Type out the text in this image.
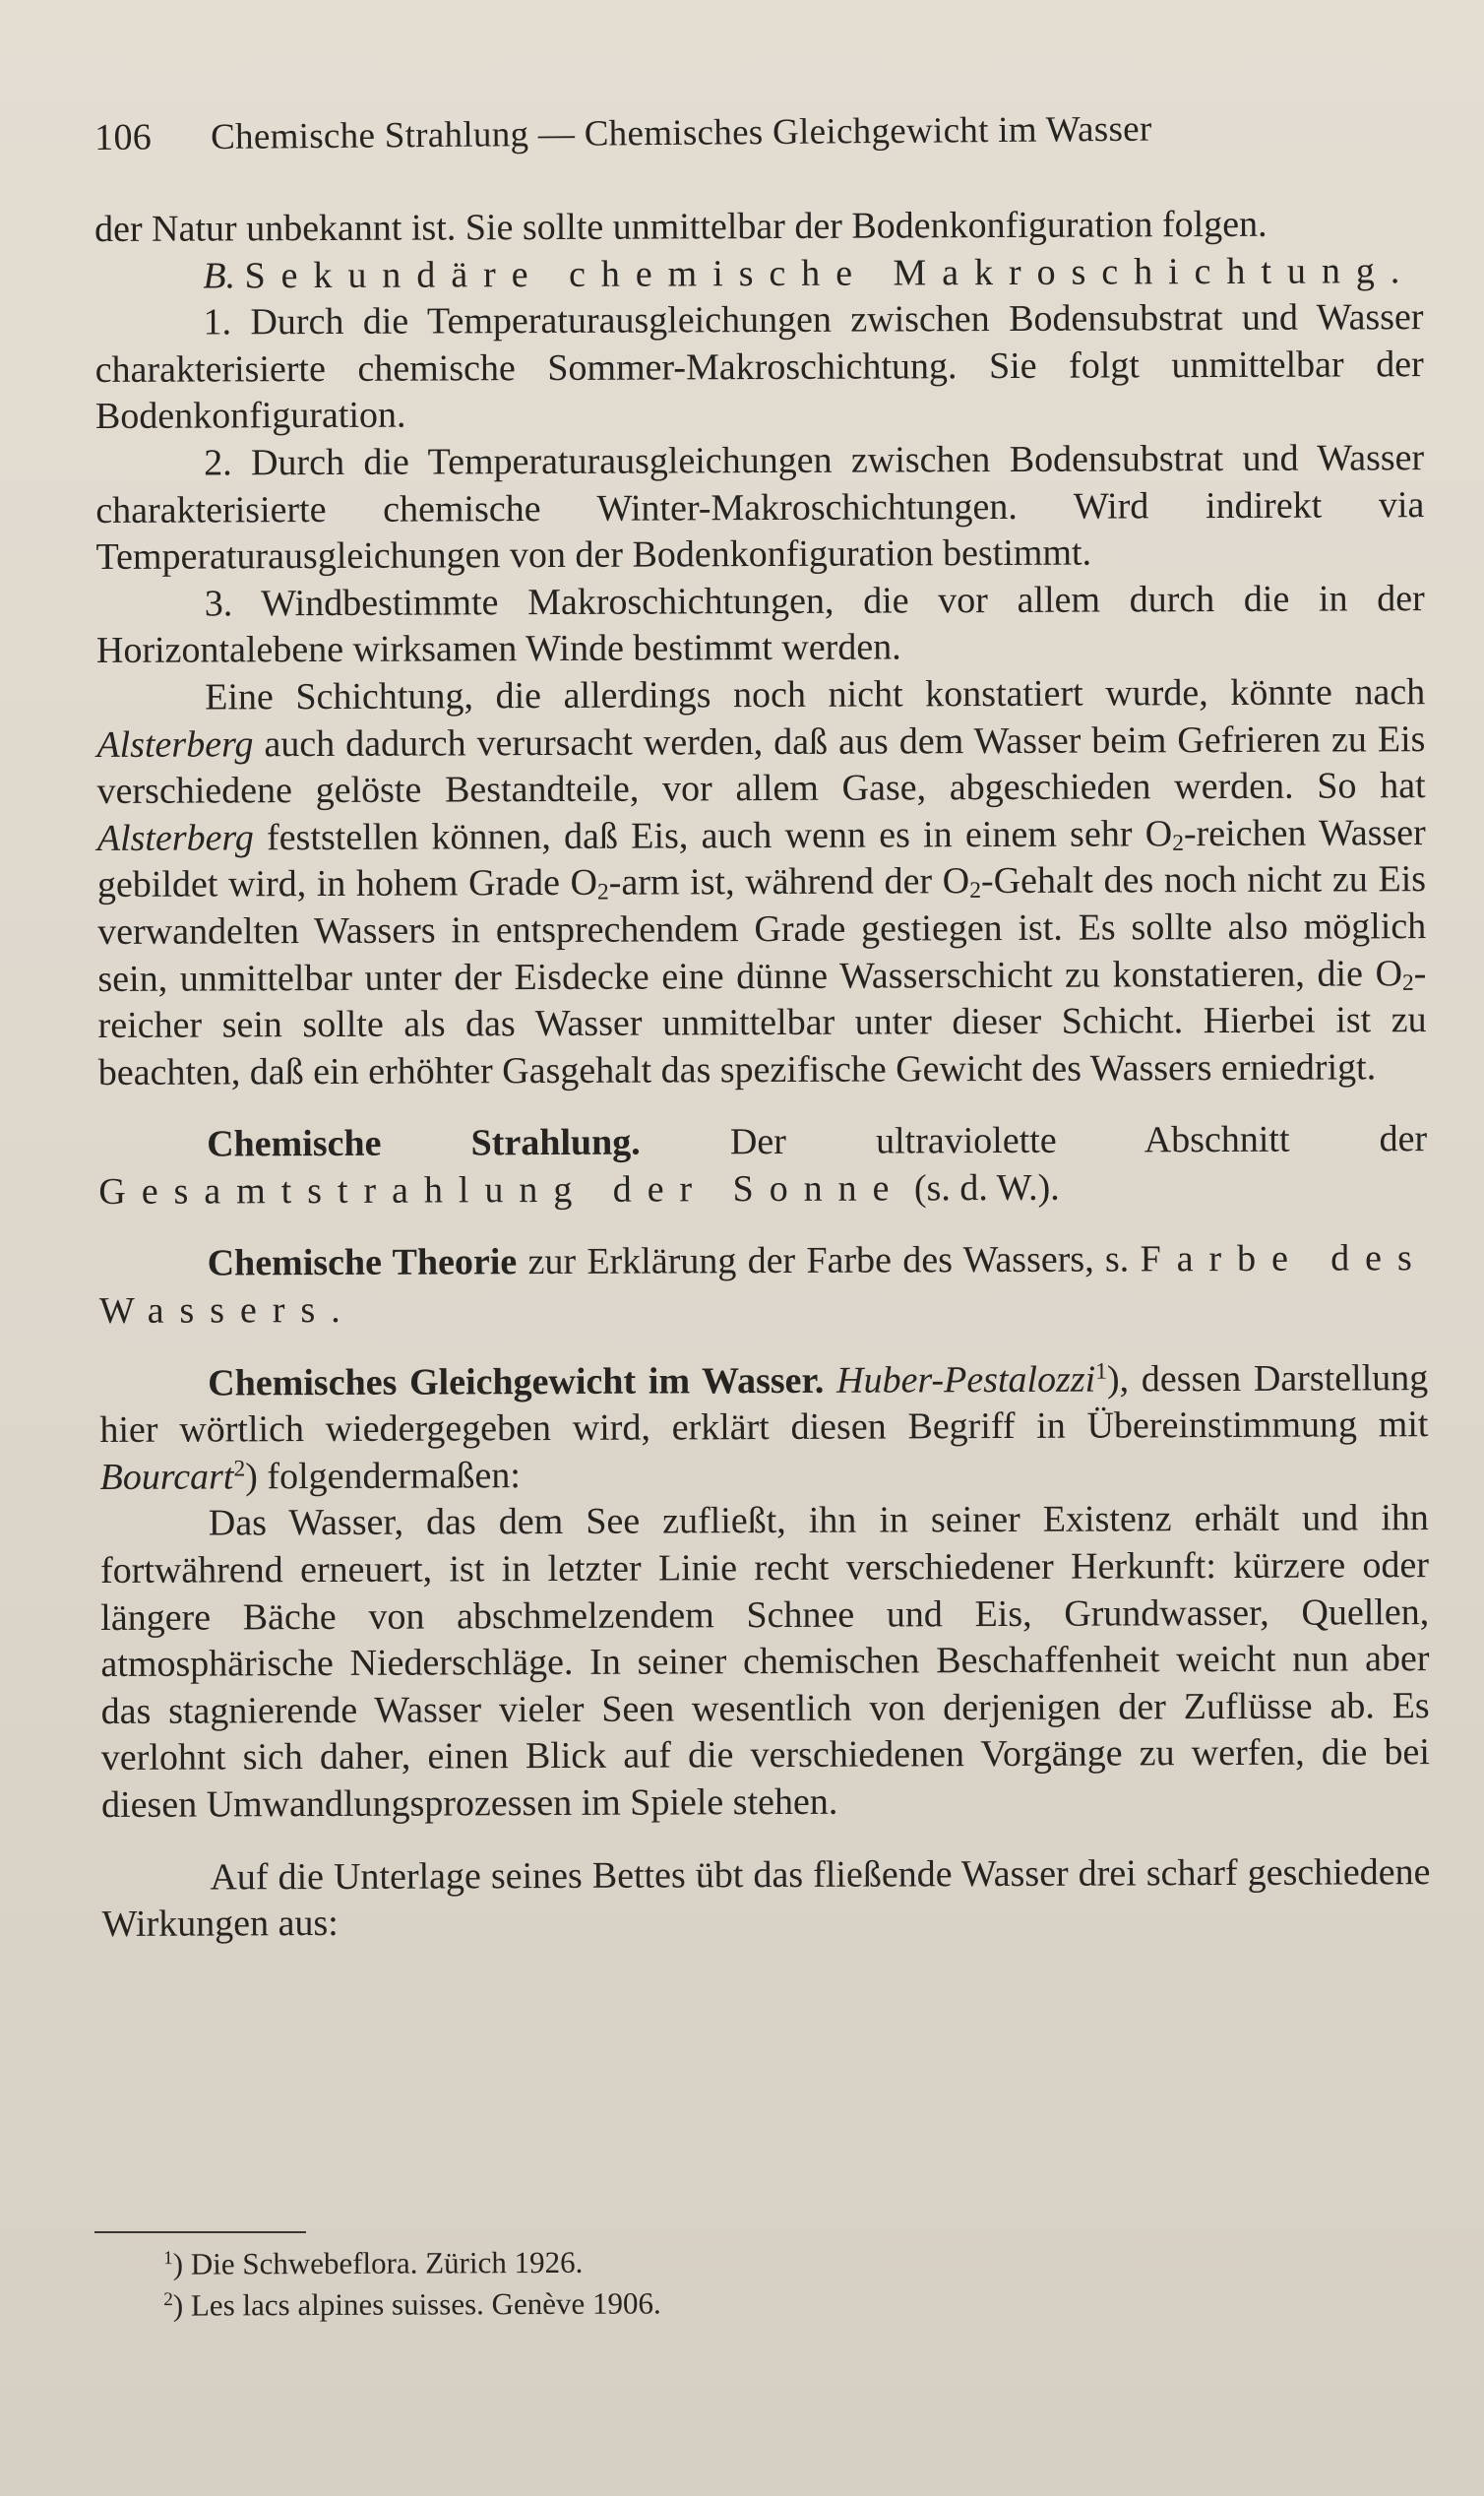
106 Chemische Strahlung — Chemisches Gleichgewicht im Wasser

der Natur unbekannt ist. Sie sollte unmittelbar der Bodenkonfiguration folgen.

B. Sekundäre chemische Makroschichtung.

1. Durch die Temperaturausgleichungen zwischen Bodensubstrat und Wasser charakterisierte chemische Sommer-Makroschichtung. Sie folgt unmittelbar der Bodenkonfiguration.

2. Durch die Temperaturausgleichungen zwischen Bodensubstrat und Wasser charakterisierte chemische Winter-Makroschichtungen. Wird indirekt via Temperaturausgleichungen von der Bodenkonfiguration bestimmt.

3. Windbestimmte Makroschichtungen, die vor allem durch die in der Horizontalebene wirksamen Winde bestimmt werden.

Eine Schichtung, die allerdings noch nicht konstatiert wurde, könnte nach Alsterberg auch dadurch verursacht werden, daß aus dem Wasser beim Gefrieren zu Eis verschiedene gelöste Bestandteile, vor allem Gase, abgeschieden werden. So hat Alsterberg feststellen können, daß Eis, auch wenn es in einem sehr $O_2$-reichen Wasser gebildet wird, in hohem Grade $O_2$-arm ist, während der $O_2$-Gehalt des noch nicht zu Eis verwandelten Wassers in entsprechendem Grade gestiegen ist. Es sollte also möglich sein, unmittelbar unter der Eisdecke eine dünne Wasserschicht zu konstatieren, die $O_2$-reicher sein sollte als das Wasser unmittelbar unter dieser Schicht. Hierbei ist zu beachten, daß ein erhöhter Gasgehalt das spezifische Gewicht des Wassers erniedrigt.

Chemische Strahlung. Der ultraviolette Abschnitt der Gesamtstrahlung der Sonne (s. d. W.).

Chemische Theorie zur Erklärung der Farbe des Wassers, s. Farbe des Wassers.

Chemisches Gleichgewicht im Wasser. Huber-Pestalozzi$^1$), dessen Darstellung hier wörtlich wiedergegeben wird, erklärt diesen Begriff in Übereinstimmung mit Bourcart$^2$) folgendermaßen:

Das Wasser, das dem See zufließt, ihn in seiner Existenz erhält und ihn fortwährend erneuert, ist in letzter Linie recht verschiedener Herkunft: kürzere oder längere Bäche von abschmelzendem Schnee und Eis, Grundwasser, Quellen, atmosphärische Niederschläge. In seiner chemischen Beschaffenheit weicht nun aber das stagnierende Wasser vieler Seen wesentlich von derjenigen der Zuflüsse ab. Es verlohnt sich daher, einen Blick auf die verschiedenen Vorgänge zu werfen, die bei diesen Umwandlungsprozessen im Spiele stehen.

Auf die Unterlage seines Bettes übt das fließende Wasser drei scharf geschiedene Wirkungen aus:

$^1$) Die Schwebeflora. Zürich 1926.
$^2$) Les lacs alpines suisses. Genève 1906.
